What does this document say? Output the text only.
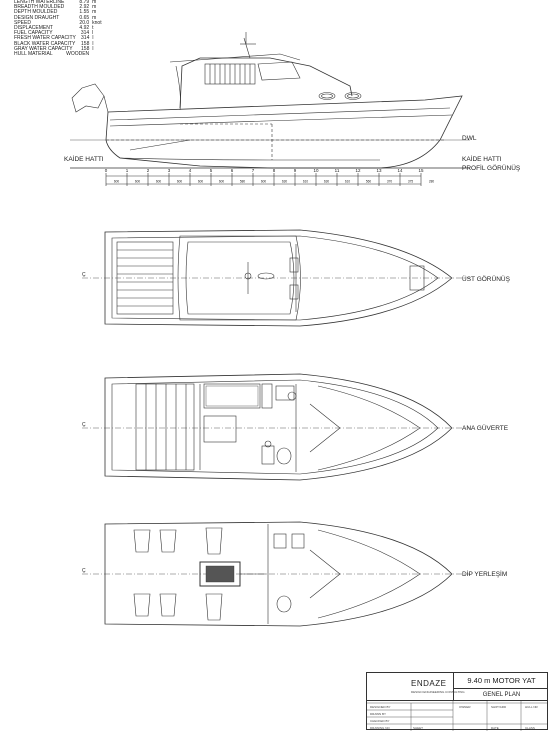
LENGTH WATERLINE	8.79 m
BREADTH MOULDED	2.92 m
DEPTH MOULDED	1.55 m
DESIGN DRAUGHT	0.65 m
SPEED	20.0 knot
DISPLACEMENT	4.92 t
FUEL CAPACITY	314 l
FRESH WATER CAPACITY	314 l
BLACK WATER CAPACITY	158 l
GRAY WATER CAPACITY	158 l
HULL MATERIAL	WOODEN
0	1	2	3	4	5	6	7	8	9	10	11	12	13	14	15
600	600	600	600	600	600	580	600	630	610	630	610	560	370	375	280
DWL
KAİDE HATTI	KAİDE HATTI
PROFİL GÖRÜNÜŞ
ÜST GÖRÜNÜŞ
ANA GÜVERTE
DİP YERLEŞİM
Ç
Ç
Ç
ENDAZE
DESIGN ENGINEERING CONSULTING
9.40 m MOTOR YAT
GENEL PLAN
DESIGNED BY
DRAWN BY
CHECKED BY
DRAWING NO	SHEET
OWNER	SHIPYARD	HULL NR
DATE	CLASS
